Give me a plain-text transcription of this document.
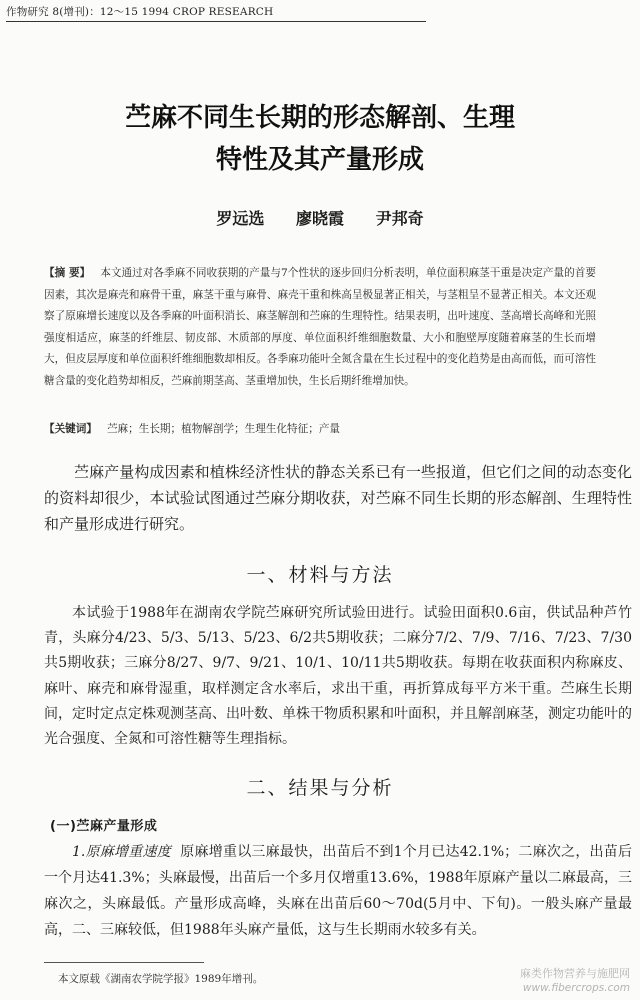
作物研究 8(增刊)：12～15 1994 CROP RESEARCH
苎麻不同生长期的形态解剖、生理
特性及其产量形成
罗远选 廖晓霞 尹邦奇
【摘 要】 本文通过对各季麻不同收获期的产量与7个性状的逐步回归分析表明，单位面积麻茎干重是决定产量的首要因素，其次是麻壳和麻骨干重，麻茎干重与麻骨、麻壳干重和株高呈极显著正相关，与茎粗呈不显著正相关。本文还观察了原麻增长速度以及各季麻的叶面积消长、麻茎解剖和苎麻的生理特性。结果表明，出叶速度、茎高增长高峰和光照强度相适应，麻茎的纤维层、韧皮部、木质部的厚度、单位面积纤维细胞数量、大小和胞壁厚度随着麻茎的生长而增大，但皮层厚度和单位面积纤维细胞数却相反。各季麻功能叶全氮含量在生长过程中的变化趋势是由高而低，而可溶性糖含量的变化趋势却相反，苎麻前期茎高、茎重增加快，生长后期纤维增加快。
【关键词】 苎麻；生长期；植物解剖学；生理生化特征；产量
苎麻产量构成因素和植株经济性状的静态关系已有一些报道，但它们之间的动态变化的资料却很少，本试验试图通过苎麻分期收获，对苎麻不同生长期的形态解剖、生理特性和产量形成进行研究。
一、材料与方法
本试验于1988年在湖南农学院苎麻研究所试验田进行。试验田面积0.6亩，供试品种芦竹青，头麻分4/23、5/3、5/13、5/23、6/2共5期收获；二麻分7/2、7/9、7/16、7/23、7/30共5期收获；三麻分8/27、9/7、9/21、10/1、10/11共5期收获。每期在收获面积内称麻皮、麻叶、麻壳和麻骨湿重，取样测定含水率后，求出干重，再折算成每平方米干重。苎麻生长期间，定时定点定株观测茎高、出叶数、单株干物质积累和叶面积，并且解剖麻茎，测定功能叶的光合强度、全氮和可溶性糖等生理指标。
二、结果与分析
(一)苎麻产量形成
1.原麻增重速度 原麻增重以三麻最快，出苗后不到1个月已达42.1%；二麻次之，出苗后一个月达41.3%；头麻最慢，出苗后一个多月仅增重13.6%，1988年原麻产量以二麻最高，三麻次之，头麻最低。产量形成高峰，头麻在出苗后60～70d(5月中、下旬)。一般头麻产量最高，二、三麻较低，但1988年头麻产量低，这与生长期雨水较多有关。
本文原载《湖南农学院学报》1989年增刊。	麻类作物营养与施肥网
www.fibercrops.com
